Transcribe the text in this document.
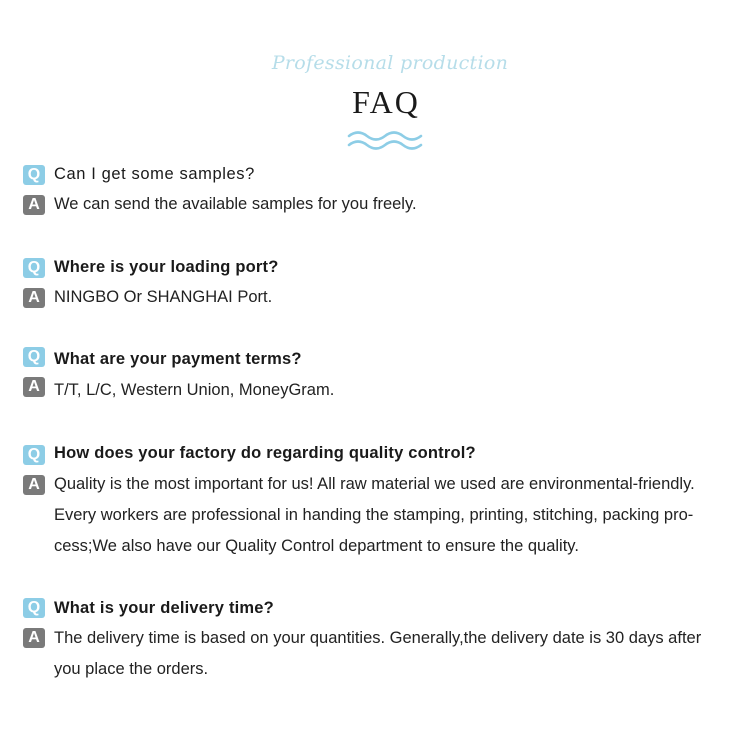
Professional production
FAQ
Q Can I get some samples?
A We can send the available samples for you freely.
Q Where is your loading port?
A NINGBO Or SHANGHAI Port.
Q What are your payment terms?
A T/T, L/C, Western Union, MoneyGram.
Q How does your factory do regarding quality control?
A Quality is the most important for us! All raw material we used are environmental-friendly. Every workers are professional in handing the stamping, printing, stitching, packing pro-cess;We also have our Quality Control department to ensure the quality.
Q What is your delivery time?
A The delivery time is based on your quantities. Generally,the delivery date is 30 days after you place the orders.
